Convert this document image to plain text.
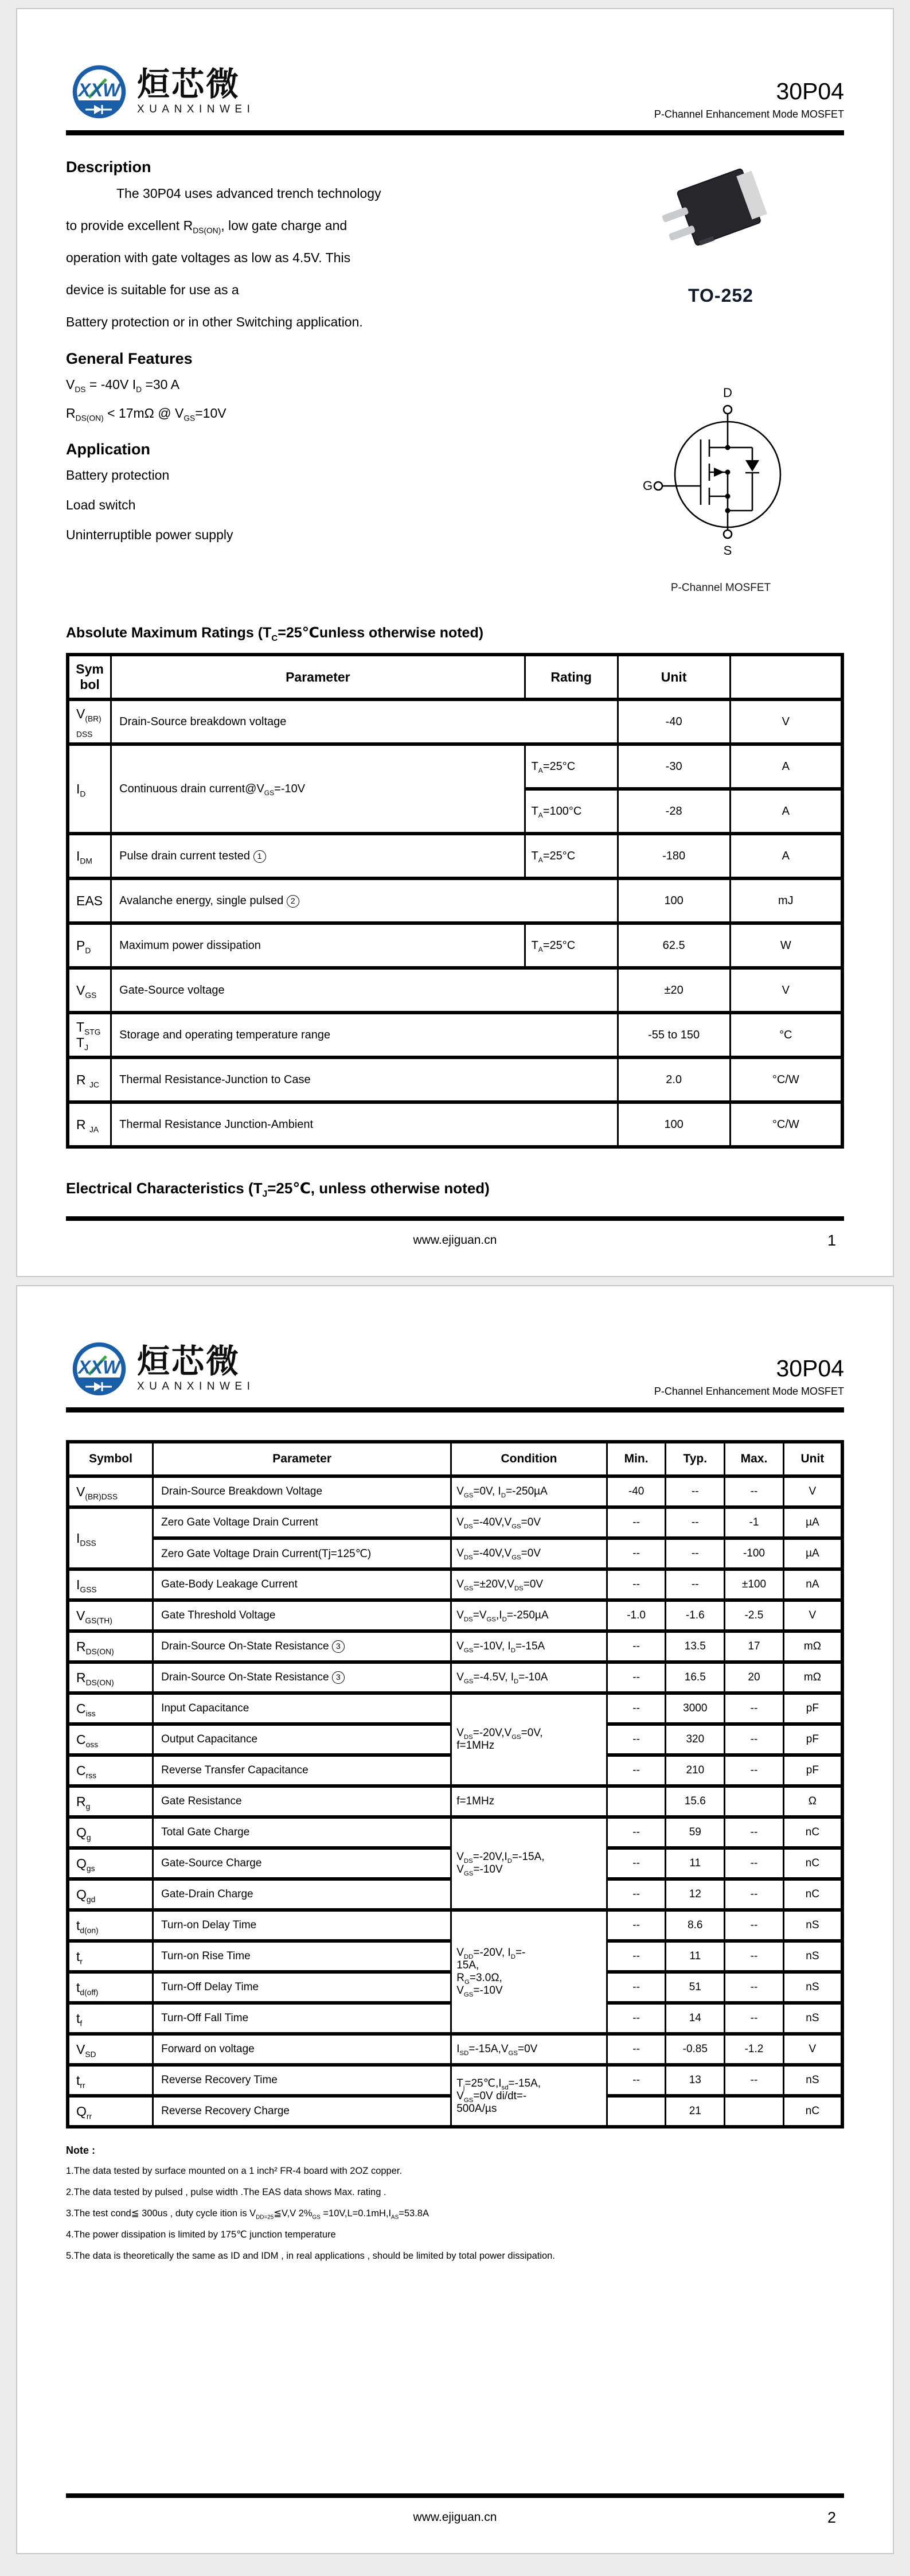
XXW 烜芯微
XUANXINWEI
30P04
P-Channel Enhancement Mode MOSFET
Description

The 30P04 uses advanced trench technology

to provide excellent $R_{DS(ON)}$, low gate charge and

operation with gate voltages as low as 4.5V. This

device is suitable for use as a

Battery protection or in other Switching application.

General Features

$V_{DS} = -40V$ $I_D =30$ A

$R_{DS(ON)} < 17m\Omega$ @ $V_{GS}=10V$

Application

Battery protection

Load switch

Uninterruptible power supply

TO-252
D
G
S
P-Channel MOSFET
Absolute Maximum Ratings ($T_C=25℃unless$ otherwise noted)
Symbol	Parameter	Rating	Unit	
$V_{(BR)DSS}$	Drain-Source breakdown voltage		-40	V
$I_D$	Continuous drain $current@V_{GS}=-10V$	$T_A=25^\circ C$	-30	A
		$T_A=100^\circ C$	-28	A
$I_{DM}$	Pulse drain current tested 1	$T_A=25^\circ C$	-180	A
EAS	Avalanche energy, single pulsed 2		100	mJ
$P_D$	Maximum power dissipation	$T_A=25^\circ C$	62.5	W
$V_{GS}$	Gate-Source voltage		±20	V
$T_{STG}$ $T_J$	Storage and operating temperature range		-55 to 150	°C
R $_{JC}$	Thermal Resistance-Junction to Case		2.0	°C/W
R $_{JA}$	Thermal Resistance Junction-Ambient		100	°C/W
Electrical Characteristics ($T_J=25℃$, unless otherwise noted)
www.ejiguan.cn	1
XXW 烜芯微
XUANXINWEI
30P04
P-Channel Enhancement Mode MOSFET
Symbol	Parameter	Condition	Min.	Typ.	Max.	Unit
$V_{(BR)DSS}$	Drain-Source Breakdown Voltage	$V_{GS}=0V$, $I_D=-250\mu A$	-40	--	--	V
$I_{DSS}$	Zero Gate Voltage Drain Current	$V_{DS}=-40V,V_{GS}=0V$	--	--	-1	µA
	Zero Gate Voltage Drain Current(Tj=125℃)	$V_{DS}=-40V,V_{GS}=0V$	--	--	-100	µA
$I_{GSS}$	Gate-Body Leakage Current	$V_{GS}=\pm 20V,V_{DS}=0V$	--	--	±100	nA
$V_{GS(TH)}$	Gate Threshold Voltage	$V_{DS}=V_{GS},I_D=-250\mu A$	-1.0	-1.6	-2.5	V
$R_{DS(ON)}$	Drain-Source On-State Resistance 3	$V_{GS}=-10V$, $I_D=-15A$	--	13.5	17	mΩ
$R_{DS(ON)}$	Drain-Source On-State Resistance 3	$V_{GS}=-4.5V$, $I_D=-10A$	--	16.5	20	mΩ
$C_{iss}$	Input Capacitance	$V_{DS}=-20V,V_{GS}=0V$,
f=1MHz	--	3000	--	pF
$C_{oss}$	Output Capacitance		--	320	--	pF
$C_{rss}$	Reverse Transfer Capacitance		--	210	--	pF
$R_g$	Gate Resistance	f=1MHz		15.6		Ω
$Q_g$	Total Gate Charge	$V_{DS}=-20V,I_D=-15A$,
$V_{GS}=-10V$	--	59	--	nC
$Q_{gs}$	Gate-Source Charge		--	11	--	nC
$Q_{gd}$	Gate-Drain Charge		--	12	--	nC
$t_{d(on)}$	Turn-on Delay Time	$V_{DD}=-20V$, $I_D=-$
15A,
$R_G=3.0\Omega$,
$V_{GS}=-10V$	--	8.6	--	nS
$t_r$	Turn-on Rise Time		--	11	--	nS
$t_{d(off)}$	Turn-Off Delay Time		--	51	--	nS
$t_f$	Turn-Off Fall Time		--	14	--	nS
$V_{SD}$	Forward on voltage	$I_{SD}=-15A,V_{GS}=0V$	--	-0.85	-1.2	V
$t_{rr}$	Reverse Recovery Time	$T_j=25℃,I_{sd}=-15A$,
$V_{GS}=0V$ di/dt=-
500A/µs	--	13	--	nS
$Q_{rr}$	Reverse Recovery Charge			21		nC

Note :

1.The data tested by surface mounted on a 1 inch² FR-4 board with 2OZ copper.

2.The data tested by pulsed , pulse width .The EAS data shows Max. rating .

3.The test cond≦ 300us , duty cycle ition is $V_{DD=25}≦V,V$ $2\%_{GS} =10V,L=0.1mH,I_{AS}=53.8A$

4.The power dissipation is limited by 175℃ junction temperature

5.The data is theoretically the same as ID and IDM , in real applications , should be limited by total power dissipation.

www.ejiguan.cn	2
